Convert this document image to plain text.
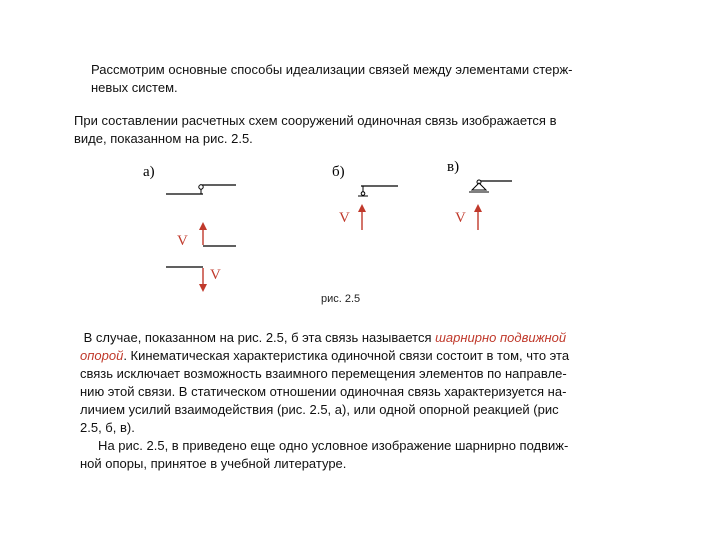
Рассмотрим основные способы идеализации связей между элементами стерж-
невых систем.
При составлении расчетных схем сооружений одиночная связь изображается в
виде, показанном на рис. 2.5.
а)
V
V
б)
V
в)
V
рис. 2.5
В случае, показанном на рис. 2.5, б эта связь называется шарнирно подвижной
опорой. Кинематическая характеристика одиночной связи состоит в том, что эта
связь исключает возможность взаимного перемещения элементов по направле-
нию этой связи. В статическом отношении одиночная связь характеризуется на-
личием усилий взаимодействия (рис. 2.5, а), или одной опорной реакцией (рис
2.5, б, в).
На рис. 2.5, в приведено еще одно условное изображение шарнирно подвиж-
ной опоры, принятое в учебной литературе.
